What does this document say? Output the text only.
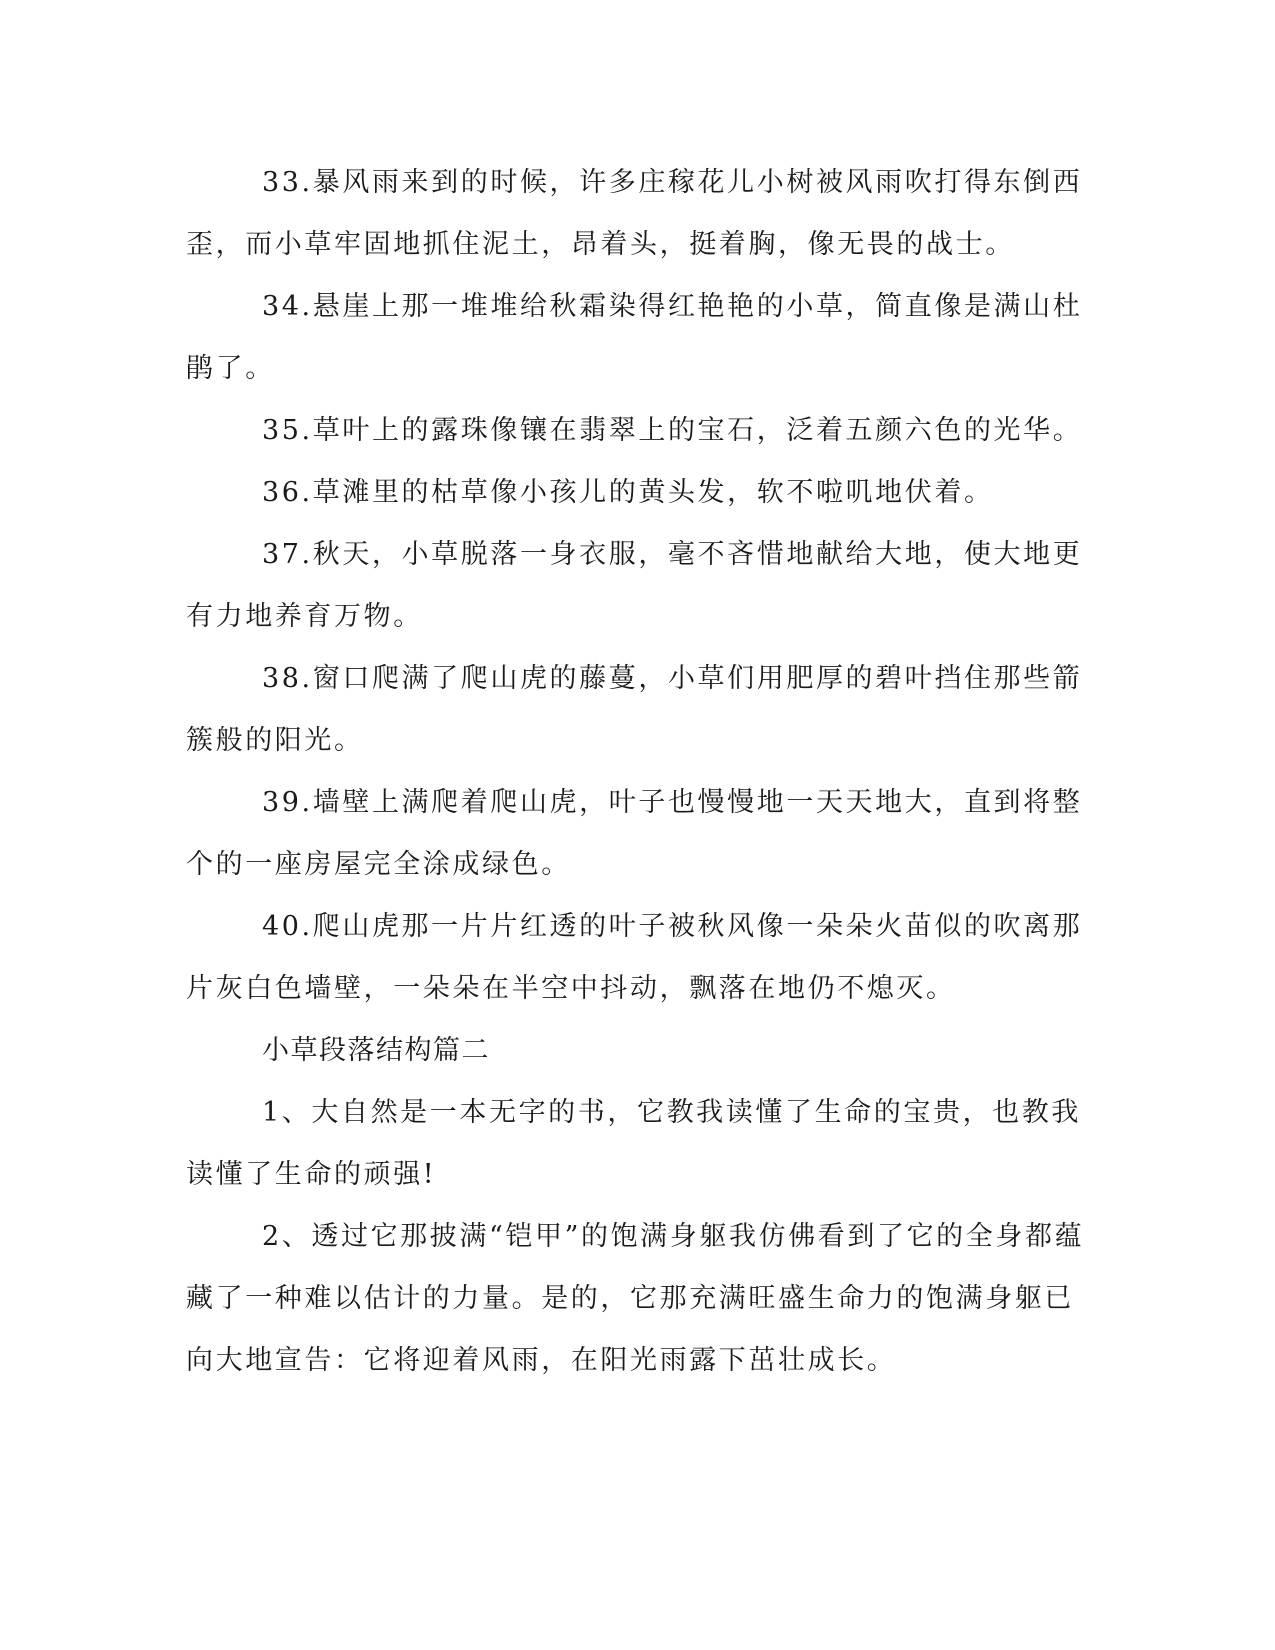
33.暴风雨来到的时候，许多庄稼花儿小树被风雨吹打得东倒西歪，而小草牢固地抓住泥土，昂着头，挺着胸，像无畏的战士。

34.悬崖上那一堆堆给秋霜染得红艳艳的小草，简直像是满山杜鹃了。

35.草叶上的露珠像镶在翡翠上的宝石，泛着五颜六色的光华。

36.草滩里的枯草像小孩儿的黄头发，软不啦叽地伏着。

37.秋天，小草脱落一身衣服，毫不吝惜地献给大地，使大地更有力地养育万物。

38.窗口爬满了爬山虎的藤蔓，小草们用肥厚的碧叶挡住那些箭簇般的阳光。

39.墙壁上满爬着爬山虎，叶子也慢慢地一天天地大，直到将整个的一座房屋完全涂成绿色。

40.爬山虎那一片片红透的叶子被秋风像一朵朵火苗似的吹离那片灰白色墙壁，一朵朵在半空中抖动，飘落在地仍不熄灭。

小草段落结构篇二

1、大自然是一本无字的书，它教我读懂了生命的宝贵，也教我读懂了生命的顽强!

2、透过它那披满“铠甲”的饱满身躯我仿佛看到了它的全身都蕴藏了一种难以估计的力量。是的，它那充满旺盛生命力的饱满身躯已向大地宣告：它将迎着风雨，在阳光雨露下茁壮成长。
